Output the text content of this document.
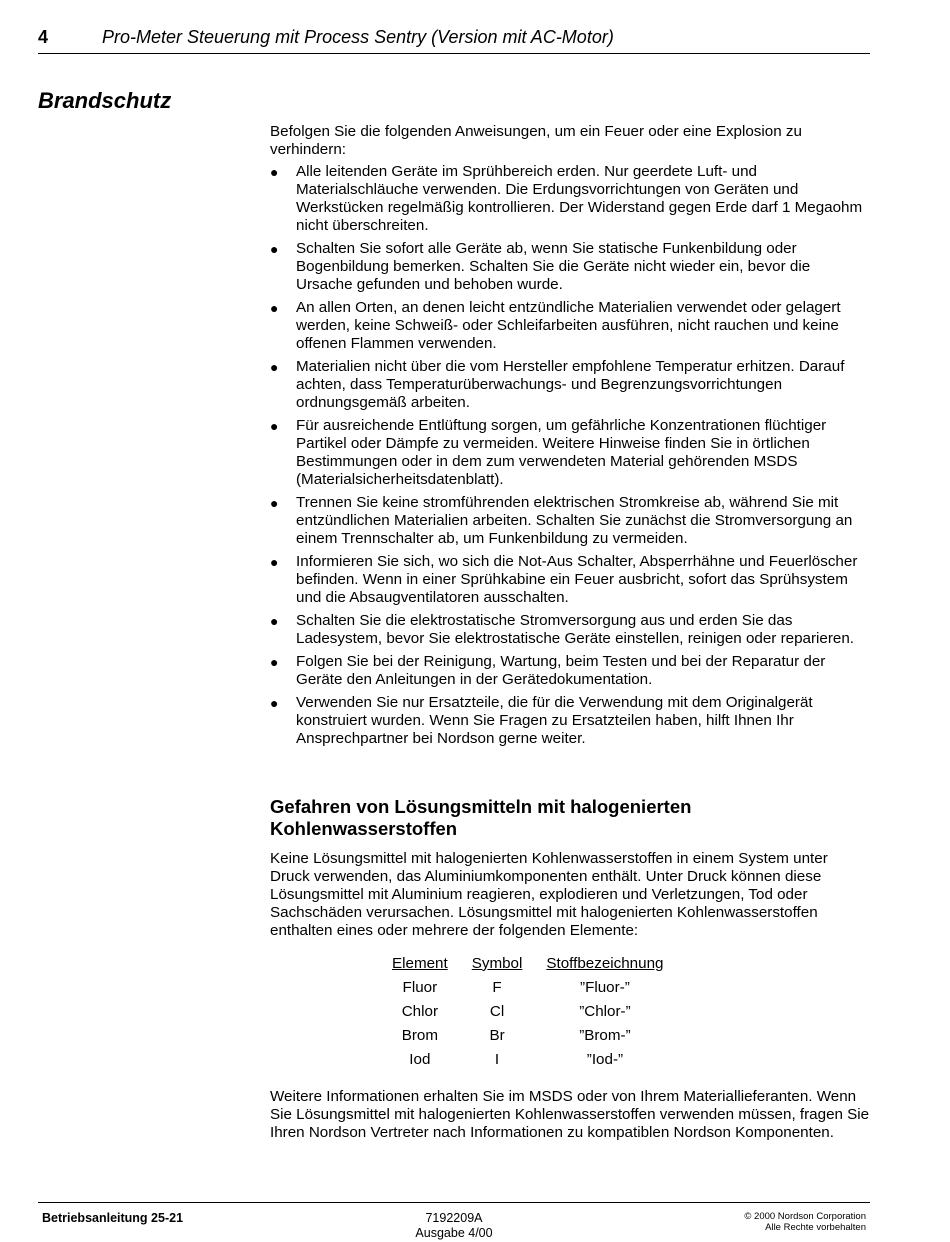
4	Pro-Meter Steuerung mit Process Sentry (Version mit AC-Motor)
Brandschutz

Befolgen Sie die folgenden Anweisungen, um ein Feuer oder eine Explosion zu verhindern:

● Alle leitenden Geräte im Sprühbereich erden. Nur geerdete Luft- und Materialschläuche verwenden. Die Erdungsvorrichtungen von Geräten und Werkstücken regelmäßig kontrollieren. Der Widerstand gegen Erde darf 1 Megaohm nicht überschreiten.
● Schalten Sie sofort alle Geräte ab, wenn Sie statische Funkenbildung oder Bogenbildung bemerken. Schalten Sie die Geräte nicht wieder ein, bevor die Ursache gefunden und behoben wurde.
● An allen Orten, an denen leicht entzündliche Materialien verwendet oder gelagert werden, keine Schweiß- oder Schleifarbeiten ausführen, nicht rauchen und keine offenen Flammen verwenden.
● Materialien nicht über die vom Hersteller empfohlene Temperatur erhitzen. Darauf achten, dass Temperaturüberwachungs- und Begrenzungsvorrichtungen ordnungsgemäß arbeiten.
● Für ausreichende Entlüftung sorgen, um gefährliche Konzentrationen flüchtiger Partikel oder Dämpfe zu vermeiden. Weitere Hinweise finden Sie in örtlichen Bestimmungen oder in dem zum verwendeten Material gehörenden MSDS (Materialsicherheitsdatenblatt).
● Trennen Sie keine stromführenden elektrischen Stromkreise ab, während Sie mit entzündlichen Materialien arbeiten. Schalten Sie zunächst die Stromversorgung an einem Trennschalter ab, um Funkenbildung zu vermeiden.
● Informieren Sie sich, wo sich die Not-Aus Schalter, Absperrhähne und Feuerlöscher befinden. Wenn in einer Sprühkabine ein Feuer ausbricht, sofort das Sprühsystem und die Absaugventilatoren ausschalten.
● Schalten Sie die elektrostatische Stromversorgung aus und erden Sie das Ladesystem, bevor Sie elektrostatische Geräte einstellen, reinigen oder reparieren.
● Folgen Sie bei der Reinigung, Wartung, beim Testen und bei der Reparatur der Geräte den Anleitungen in der Gerätedokumentation.
● Verwenden Sie nur Ersatzteile, die für die Verwendung mit dem Originalgerät konstruiert wurden. Wenn Sie Fragen zu Ersatzteilen haben, hilft Ihnen Ihr Ansprechpartner bei Nordson gerne weiter.
Gefahren von Lösungsmitteln mit halogenierten Kohlenwasserstoffen

Keine Lösungsmittel mit halogenierten Kohlenwasserstoffen in einem System unter Druck verwenden, das Aluminiumkomponenten enthält. Unter Druck können diese Lösungsmittel mit Aluminium reagieren, explodieren und Verletzungen, Tod oder Sachschäden verursachen. Lösungsmittel mit halogenierten Kohlenwasserstoffen enthalten eines oder mehrere der folgenden Elemente:

Element	Symbol	Stoffbezeichnung
Fluor	F	”Fluor-”
Chlor	Cl	”Chlor-”
Brom	Br	”Brom-”
Iod	I	”Iod-”

Weitere Informationen erhalten Sie im MSDS oder von Ihrem Materiallieferanten. Wenn Sie Lösungsmittel mit halogenierten Kohlenwasserstoffen verwenden müssen, fragen Sie Ihren Nordson Vertreter nach Informationen zu kompatiblen Nordson Komponenten.

Betriebsanleitung 25-21	7192209A
Ausgabe 4/00
© 2000 Nordson Corporation
Alle Rechte vorbehalten
